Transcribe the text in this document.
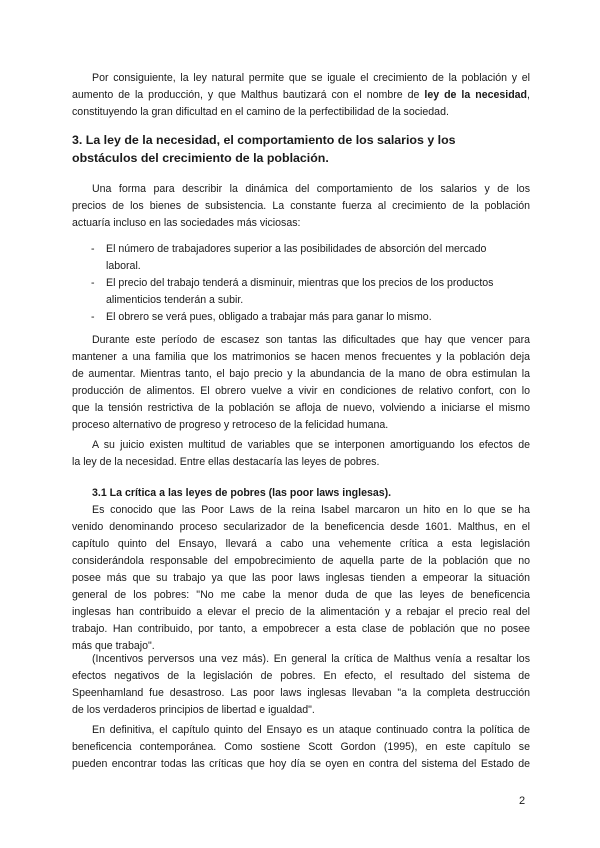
Por consiguiente, la ley natural permite que se iguale el crecimiento de la población y el
aumento de la producción, y que Malthus bautizará con el nombre de ley de la necesidad,
constituyendo la gran dificultad en el camino de la perfectibilidad de la sociedad.

3. La ley de la necesidad, el comportamiento de los salarios y los
obstáculos del crecimiento de la población.

Una forma para describir la dinámica del comportamiento de los salarios y de los
precios de los bienes de subsistencia. La constante fuerza al crecimiento de la población
actuaría incluso en las sociedades más viciosas:

- El número de trabajadores superior a las posibilidades de absorción del mercado
laboral.
- El precio del trabajo tenderá a disminuir, mientras que los precios de los productos
alimenticios tenderán a subir.
- El obrero se verá pues, obligado a trabajar más para ganar lo mismo.

Durante este período de escasez son tantas las dificultades que hay que vencer para
mantener a una familia que los matrimonios se hacen menos frecuentes y la población deja
de aumentar. Mientras tanto, el bajo precio y la abundancia de la mano de obra estimulan la
producción de alimentos. El obrero vuelve a vivir en condiciones de relativo confort, con lo
que la tensión restrictiva de la población se afloja de nuevo, volviendo a iniciarse el mismo
proceso alternativo de progreso y retroceso de la felicidad humana.

A su juicio existen multitud de variables que se interponen amortiguando los efectos de
la ley de la necesidad. Entre ellas destacaría las leyes de pobres.

3.1 La crítica a las leyes de pobres (las poor laws inglesas).
Es conocido que las Poor Laws de la reina Isabel marcaron un hito en lo que se ha
venido denominando proceso secularizador de la beneficencia desde 1601. Malthus, en el
capítulo quinto del Ensayo, llevará a cabo una vehemente crítica a esta legislación
considerándola responsable del empobrecimiento de aquella parte de la población que no
posee más que su trabajo ya que las poor laws inglesas tienden a empeorar la situación
general de los pobres: "No me cabe la menor duda de que las leyes de beneficencia
inglesas han contribuido a elevar el precio de la alimentación y a rebajar el precio real del
trabajo. Han contribuido, por tanto, a empobrecer a esta clase de población que no posee
más que trabajo".

(Incentivos perversos una vez más). En general la crítica de Malthus venía a resaltar los
efectos negativos de la legislación de pobres. En efecto, el resultado del sistema de
Speenhamland fue desastroso. Las poor laws inglesas llevaban "a la completa destrucción
de los verdaderos principios de libertad e igualdad".

En definitiva, el capítulo quinto del Ensayo es un ataque continuado contra la política de
beneficencia contemporánea. Como sostiene Scott Gordon (1995), en este capítulo se
pueden encontrar todas las críticas que hoy día se oyen en contra del sistema del Estado de

2
